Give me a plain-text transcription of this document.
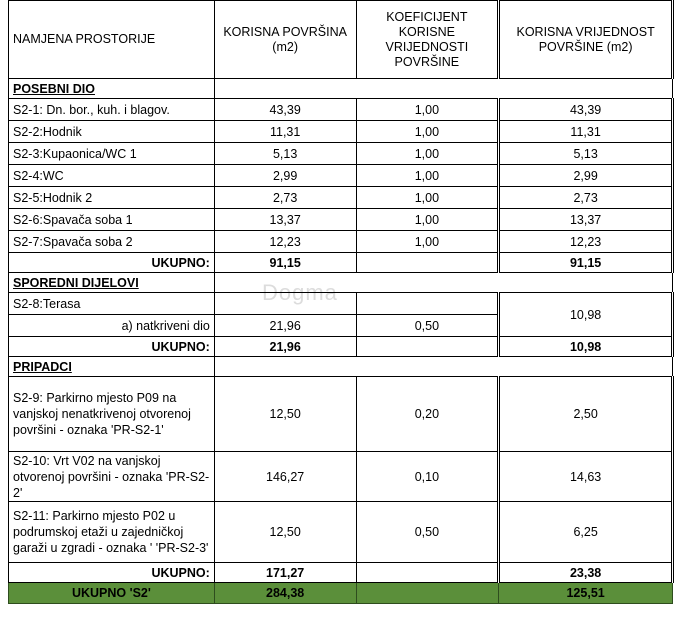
Dogma
NAMJENA PROSTORIJE	KORISNA POVRŠINA (m2)	KOEFICIJENT KORISNE VRIJEDNOSTI POVRŠINE	KORISNA VRIJEDNOST POVRŠINE (m2)
POSEBNI DIO			
S2-1: Dn. bor., kuh. i blagov.	43,39	1,00	43,39
S2-2:Hodnik	11,31	1,00	11,31
S2-3:Kupaonica/WC 1	5,13	1,00	5,13
S2-4:WC	2,99	1,00	2,99
S2-5:Hodnik 2	2,73	1,00	2,73
S2-6:Spavača soba 1	13,37	1,00	13,37
S2-7:Spavača soba 2	12,23	1,00	12,23
UKUPNO:	91,15		91,15
SPOREDNI DIJELOVI			
S2-8:Terasa			10,98
a) natkriveni dio	21,96	0,50	
UKUPNO:	21,96		10,98
PRIPADCI			
S2-9: Parkirno mjesto P09 na vanjskoj nenatkrivenoj otvorenoj površini - oznaka 'PR-S2-1'	12,50	0,20	2,50
S2-10: Vrt V02 na vanjskoj otvorenoj površini - oznaka 'PR-S2-2'	146,27	0,10	14,63
S2-11: Parkirno mjesto P02 u podrumskoj etaži u zajedničkoj garaži u zgradi - oznaka ' 'PR-S2-3'	12,50	0,50	6,25
UKUPNO:	171,27		23,38
UKUPNO 'S2'	284,38		125,51
